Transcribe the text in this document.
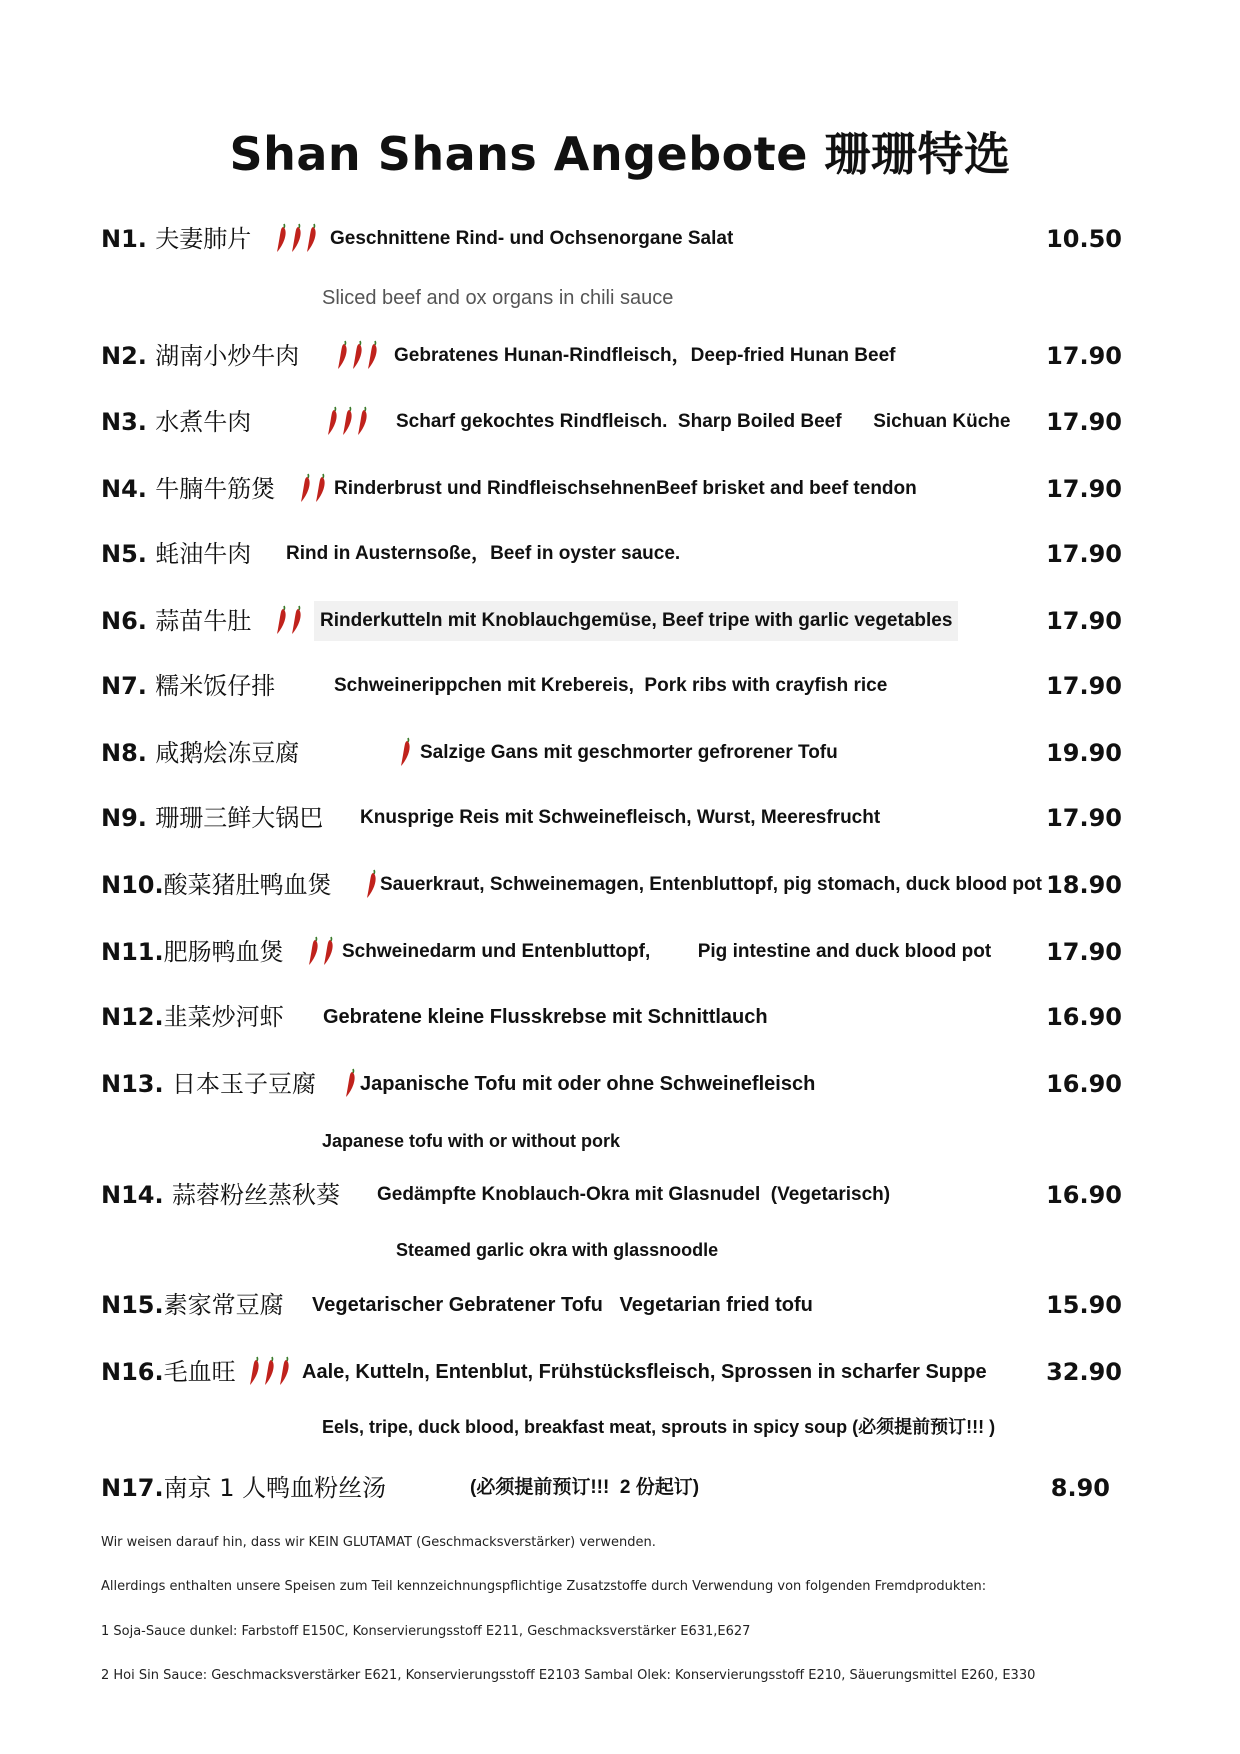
Shan Shans Angebote 珊珊特选
N1. 夫妻肺片	Geschnittene Rind- und Ochsenorgane Salat	10.50
Sliced beef and ox organs in chili sauce
N2. 湖南小炒牛肉	Gebratenes Hunan-Rindfleisch，Deep-fried Hunan Beef	17.90
N3. 水煮牛肉	Scharf gekochtes Rindfleisch.  Sharp Boiled Beef      Sichuan Küche 17.90
N4. 牛腩牛筋煲	Rinderbrust und RindfleischsehnenBeef brisket and beef tendon	17.90
N5. 蚝油牛肉 Rind in Austernsoße，Beef in oyster sauce.	17.90
N6. 蒜苗牛肚	Rinderkutteln mit Knoblauchgemüse, Beef tripe with garlic vegetables	17.90
N7. 糯米饭仔排	Schweinerippchen mit Krebereis,  Pork ribs with crayfish rice	17.90
N8. 咸鹅烩冻豆腐	Salzige Gans mit geschmorter gefrorener Tofu	19.90
N9. 珊珊三鲜大锅巴 Knusprige Reis mit Schweinefleisch, Wurst, Meeresfrucht	17.90
N10.酸菜猪肚鸭血煲	Sauerkraut, Schweinemagen, Entenbluttopf, pig stomach, duck blood pot 18.90
N11.肥肠鸭血煲	Schweinedarm und Entenbluttopf,         Pig intestine and duck blood pot 17.90
N12.韭菜炒河虾 Gebratene kleine Flusskrebse mit Schnittlauch	16.90
N13. 日本玉子豆腐 Japanische Tofu mit oder ohne Schweinefleisch	16.90
Japanese tofu with or without pork
N14. 蒜蓉粉丝蒸秋葵 Gedämpfte Knoblauch-Okra mit Glasnudel  (Vegetarisch)	16.90
Steamed garlic okra with glassnoodle
N15.素家常豆腐 Vegetarischer Gebratener Tofu   Vegetarian fried tofu	15.90
N16.毛血旺	Aale, Kutteln, Entenblut, Frühstücksfleisch, Sprossen in scharfer Suppe 32.90
Eels, tripe, duck blood, breakfast meat, sprouts in spicy soup (必须提前预订!!! )
N17.南京 1 人鸭血粉丝汤	(必须提前预订!!!  2 份起订)	8.90
Wir weisen darauf hin, dass wir KEIN GLUTAMAT (Geschmacksverstärker) verwenden.
Allerdings enthalten unsere Speisen zum Teil kennzeichnungspflichtige Zusatzstoffe durch Verwendung von folgenden Fremdprodukten:
1 Soja-Sauce dunkel: Farbstoff E150C, Konservierungsstoff E211, Geschmacksverstärker E631,E627
2 Hoi Sin Sauce: Geschmacksverstärker E621, Konservierungsstoff E2103 Sambal Olek: Konservierungsstoff E210, Säuerungsmittel E260, E330
